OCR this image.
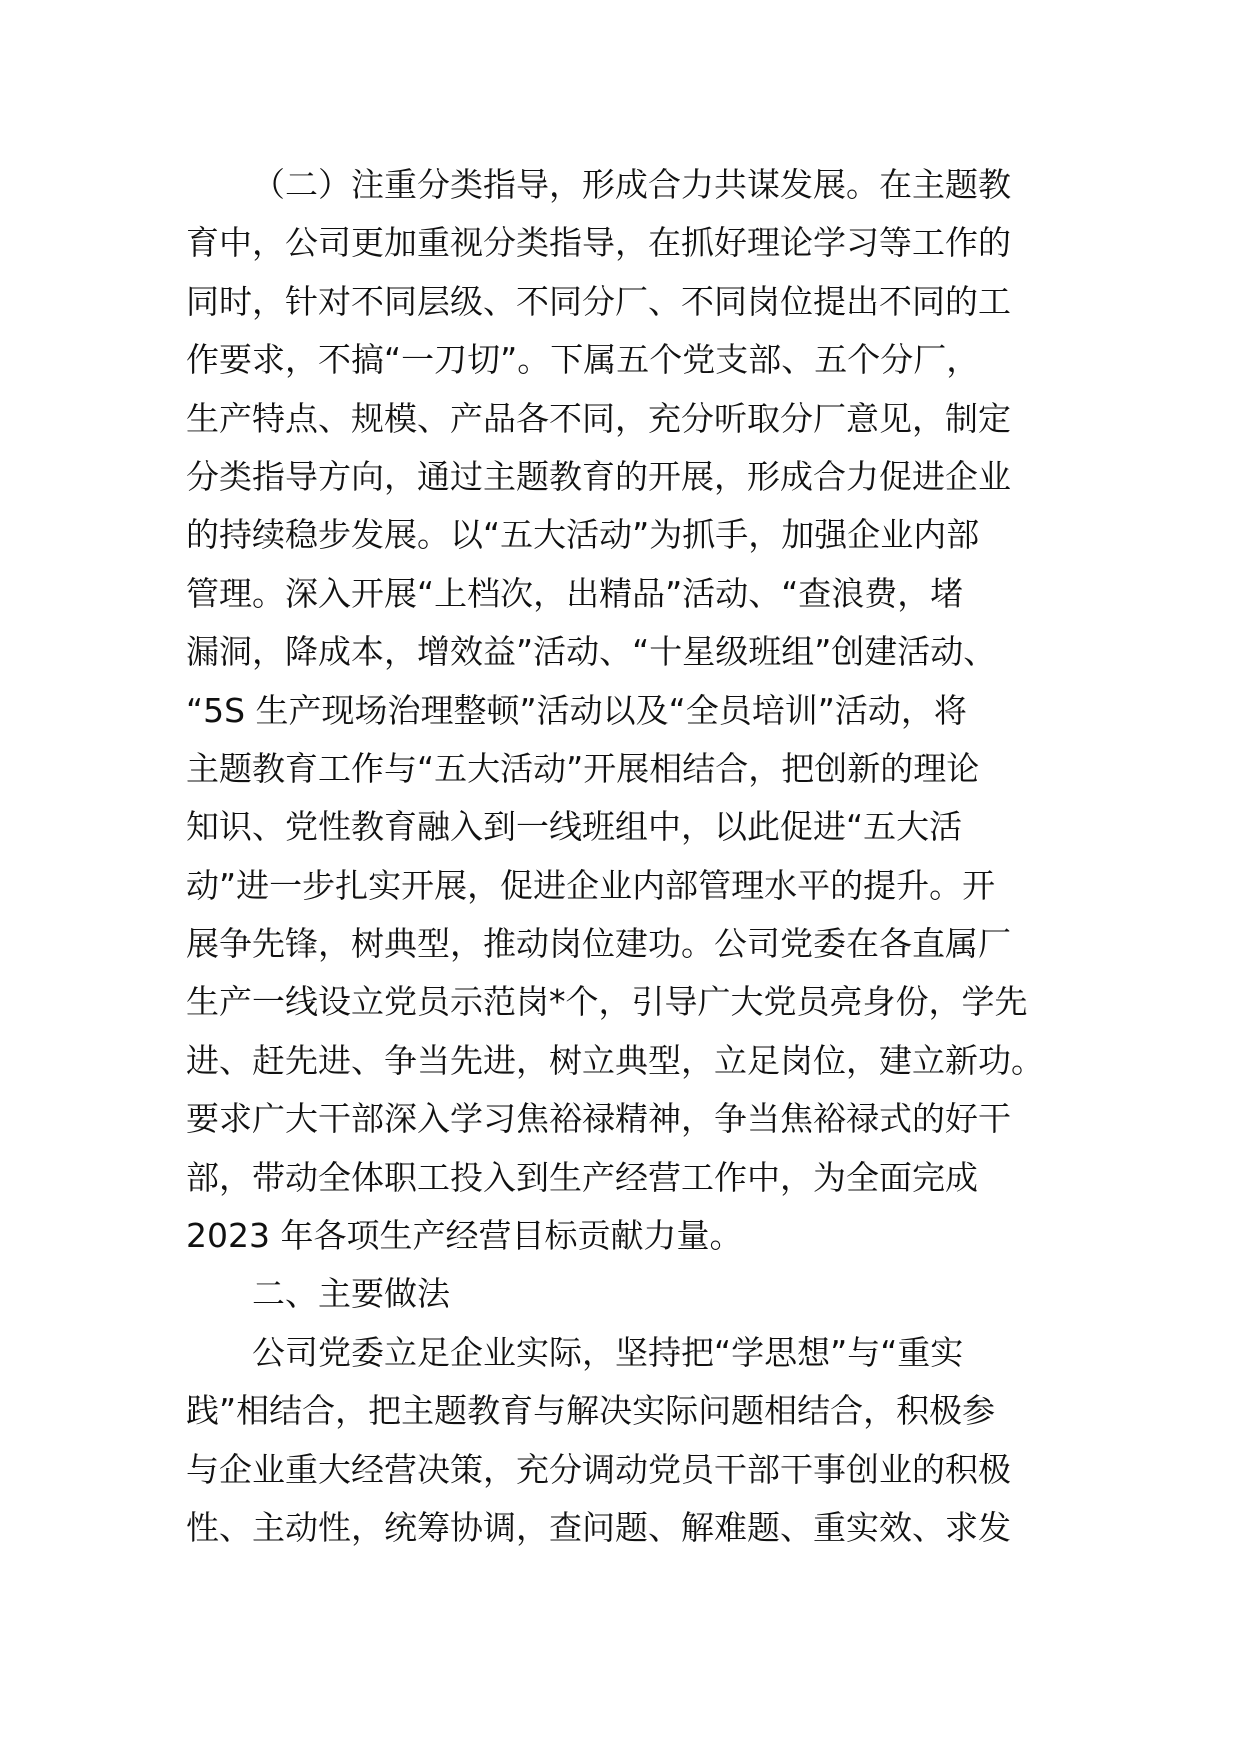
（二）注重分类指导，形成合力共谋发展。在主题教
育中，公司更加重视分类指导，在抓好理论学习等工作的
同时，针对不同层级、不同分厂、不同岗位提出不同的工
作要求，不搞“一刀切”。下属五个党支部、五个分厂，
生产特点、规模、产品各不同，充分听取分厂意见，制定
分类指导方向，通过主题教育的开展，形成合力促进企业
的持续稳步发展。以“五大活动”为抓手，加强企业内部
管理。深入开展“上档次，出精品”活动、“查浪费，堵
漏洞，降成本，增效益”活动、“十星级班组”创建活动、
“5S 生产现场治理整顿”活动以及“全员培训”活动，将
主题教育工作与“五大活动”开展相结合，把创新的理论
知识、党性教育融入到一线班组中，以此促进“五大活
动”进一步扎实开展，促进企业内部管理水平的提升。开
展争先锋，树典型，推动岗位建功。公司党委在各直属厂
生产一线设立党员示范岗*个，引导广大党员亮身份，学先
进、赶先进、争当先进，树立典型，立足岗位，建立新功。
要求广大干部深入学习焦裕禄精神，争当焦裕禄式的好干
部，带动全体职工投入到生产经营工作中，为全面完成
2023 年各项生产经营目标贡献力量。
二、主要做法
公司党委立足企业实际，坚持把“学思想”与“重实
践”相结合，把主题教育与解决实际问题相结合，积极参
与企业重大经营决策，充分调动党员干部干事创业的积极
性、主动性，统筹协调，查问题、解难题、重实效、求发
